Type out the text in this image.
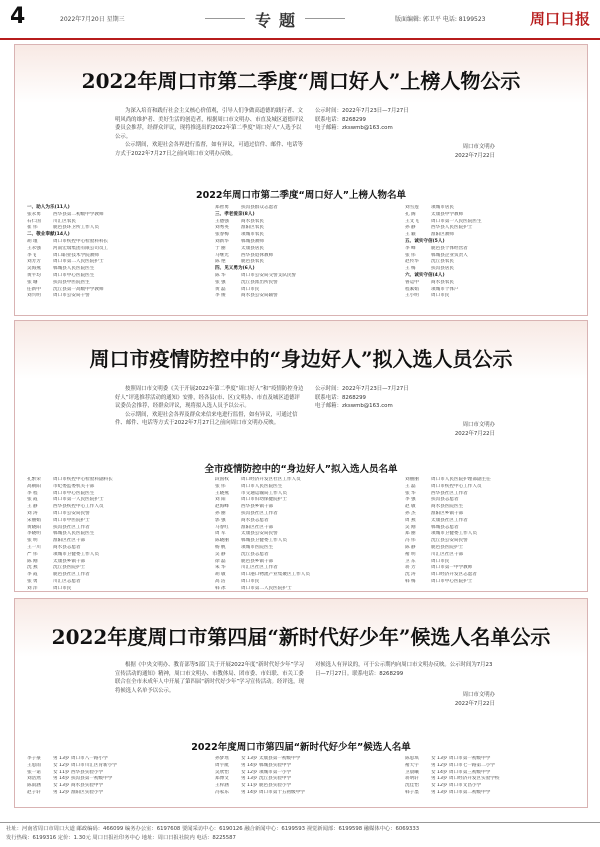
4	2022年7月20日 星期三	专题	版面编辑: 郭卫平 电话: 8199523	周口日报
2022年周口市第二季度“周口好人”上榜人物公示

为深入培育和践行社会主义核心价值观，引导人们争做高道德的践行者、文明风尚的维护者、美好生活的创造者，根据周口市文明办、市直及城区道德评议委员会推荐，经群众评议，现将推选出的2022年第二季度“周口好人”人选予以公示。

公示期间，欢迎社会各界进行监督，如有异议，可通过信件、邮件、电话等方式于2022年7月27日之前向周口市文明办反映。

公示时间：2022年7月23日—7月27日
联系电话：8268299
电子邮箱：zkswmb@163.com
周口市文明办
2022年7月22日
2022年周口市第二季度“周口好人”上榜人物名单
一、助人为乐(11人)
张永勇	西华县第二初级中学教师
石仁国	川汇区农民
崔 伟	鹿邑县环卫所工作人员
二、敬业奉献(14人)
胡 瑾	周口市疾控中心检验科科长
王永强	河南宏瑞集团有限公司员工
李飞	周口职业技术学院教师
刘芳芳	周口市第二人民医院护士
吴海燕	郸城县人民医院医生
黄平均	周口市中心医院医生
张 珊	扶沟县中医院医生
任新中	沈丘县第一高级中学教师
刘兴明	周口市公安局干警
郑智勇	扶沟县群众志愿者
三、孝老爱亲(8人)
王德强	商水县农民
刘秀英	淮阳区农民
张春梅	项城市农民
刘新华	郸城县教师
于 丽	太康县居民
马继光	西华县退休教师
陈 艳	鹿邑县农民
四、见义勇为(6人)
陈 华	周口市公安局交警支队民警
张 强	沈丘县派出所民警
黄 磊	周口市民
李 俊	商水县公安局辅警
刘雪莲	项城市居民
孔 阁	太康县中学教师
王文飞	周口市第一人民医院医生
孙 静	西华县人民医院护士
王 颖	淮阳区教师
五、诚实守信(5人)
李 峰	鹿邑县个体经营者
张 伟	郸城县企业负责人
赵传华	沈丘县农民
王 梅	扶沟县居民
六、诚实守信(4人)
鲁运中	商水县农民
程素娟	项城市个体户
王小明	周口市民
周口市疫情防控中的“身边好人”拟入选人员公示

按照周口市文明委《关于开展2022年第二季度“周口好人”和“疫情防控身边好人”评选推荐活动的通知》安排，经各县(市、区)文明办、市直及城区道德评议委员会推荐，经群众评议，现将拟入选人员予以公示。

公示期间，欢迎社会各界及群众来信来电进行监督，如有异议，可通过信件、邮件、电话等方式于2022年7月27日之前向周口市文明办反映。

公示时间：2022年7月23日—7月27日
联系电话：8268299
电子邮箱：zkswmb@163.com
周口市文明办
2022年7月22日
全市疫情防控中的“身边好人”拟入选人员名单
孔繁荣	周口市疾控中心检验科副科长
高朝阳	市纪委监委机关干部
李 程	周口市中心医院医生
张 霞	周口市第一人民医院护士
王 静	西华县疾控中心工作人员
刘 涛	周口市公安局民警
宋丽娟	周口市中医院护士
黄晓阳	扶沟县社区工作者
李晓明	郸城县人民医院医生
张 明	淮阳区社区干部
王一川	商水县志愿者
严 伟	项城市卫健委工作人员
陈 刚	太康县乡镇干部
沈 燕	沈丘县医院护士
李 霞	鹿邑县社区工作者
张 勇	川汇区志愿者
刘 洋	周口市民
段国权	周口经济开发区社区工作人员
张 伟	周口市人民医院医生
王晓燕	市交通运输局工作人员
刘 阳	周口市妇幼保健院护士
赵海峰	西华县乡镇干部
孙 丽	扶沟县社区工作者
郭 强	商水县志愿者
马春红	淮阳区社区干部
周 军	太康县公安局民警
陈晓丽	郸城县卫健委工作人员
杨 帆	项城市医院医生
吴 静	沈丘县志愿者
徐 磊	鹿邑县乡镇干部
朱 华	川汇区社区工作者
胡 敏	周口港口物流产业集聚区工作人员
高 洁	周口市民
韩 冰	周口市第二人民医院护士
刘丽丽	周口市人民医院护理部副主任
王 磊	周口市疾控中心工作人员
张 华	西华县社区工作者
李 强	扶沟县志愿者
赵 敏	商水县医院医生
孙 杰	淮阳区乡镇干部
周 燕	太康县社区工作者
吴 刚	郸城县志愿者
郑 丽	项城市卫健委工作人员
冯 伟	沈丘县公安局民警
陈 静	鹿邑县医院护士
褚 明	川汇区社区干部
卫 东	周口市民
蒋 芳	周口市第一中学教师
沈 涛	周口经济开发区志愿者
韩 梅	周口市中心医院护士
2022年度周口市第四届“新时代好少年”候选人名单公示

根据《中央文明办、教育部等5部门关于开展2022年度“新时代好少年”学习宣传活动的通知》精神，周口市文明办、市教体局、团市委、市妇联、市关工委联合在全市未成年人中开展了第四届“新时代好少年”学习宣传活动。经评选，现将候选人名单予以公示。

对候选人有异议的，可于公示期内向周口市文明办反映。公示时间为7月23日—7月27日。联系电话：8268299
周口市文明办
2022年7月22日
2022年度周口市第四届“新时代好少年”候选人名单
李子豪	男 13岁 周口市八一路小学
王思雨	女 12岁 周口市川汇区育新小学
张一诺	女 11岁 西华县实验小学
刘浩然	男 14岁 扶沟县第一初级中学
陈雨涵	女 13岁 商水县实验中学
赵子轩	男 12岁 淮阳区实验小学
孙梦瑶	女 13岁 太康县第一初级中学
周宇航	男 14岁 郸城县实验中学
吴欣怡	女 12岁 项城市第一小学
郑博文	男 13岁 沈丘县实验中学
王梓涵	女 11岁 鹿邑县实验小学
冯家乐	男 14岁 周口市第十五初级中学
陈思琪	女 13岁 周口市第一初级中学
褚天宇	男 12岁 周口市七一路第二小学
卫晨曦	女 14岁 周口市第三初级中学
蒋明轩	男 13岁 周口经济开发区实验学校
沈佳怡	女 12岁 周口市文昌小学
韩子墨	男 13岁 周口市第二初级中学
社址：河南省周口市周口大道 邮政编码：466099 编务办公室：6197608 要闻采访中心：6190126 融合新闻中心：6199593 视觉新闻部：6199598 融媒体中心：6069333
发行热线：6199316 定价：1.30元 周口日报社印务中心 地址：周口日报社院内 电话：8225587
